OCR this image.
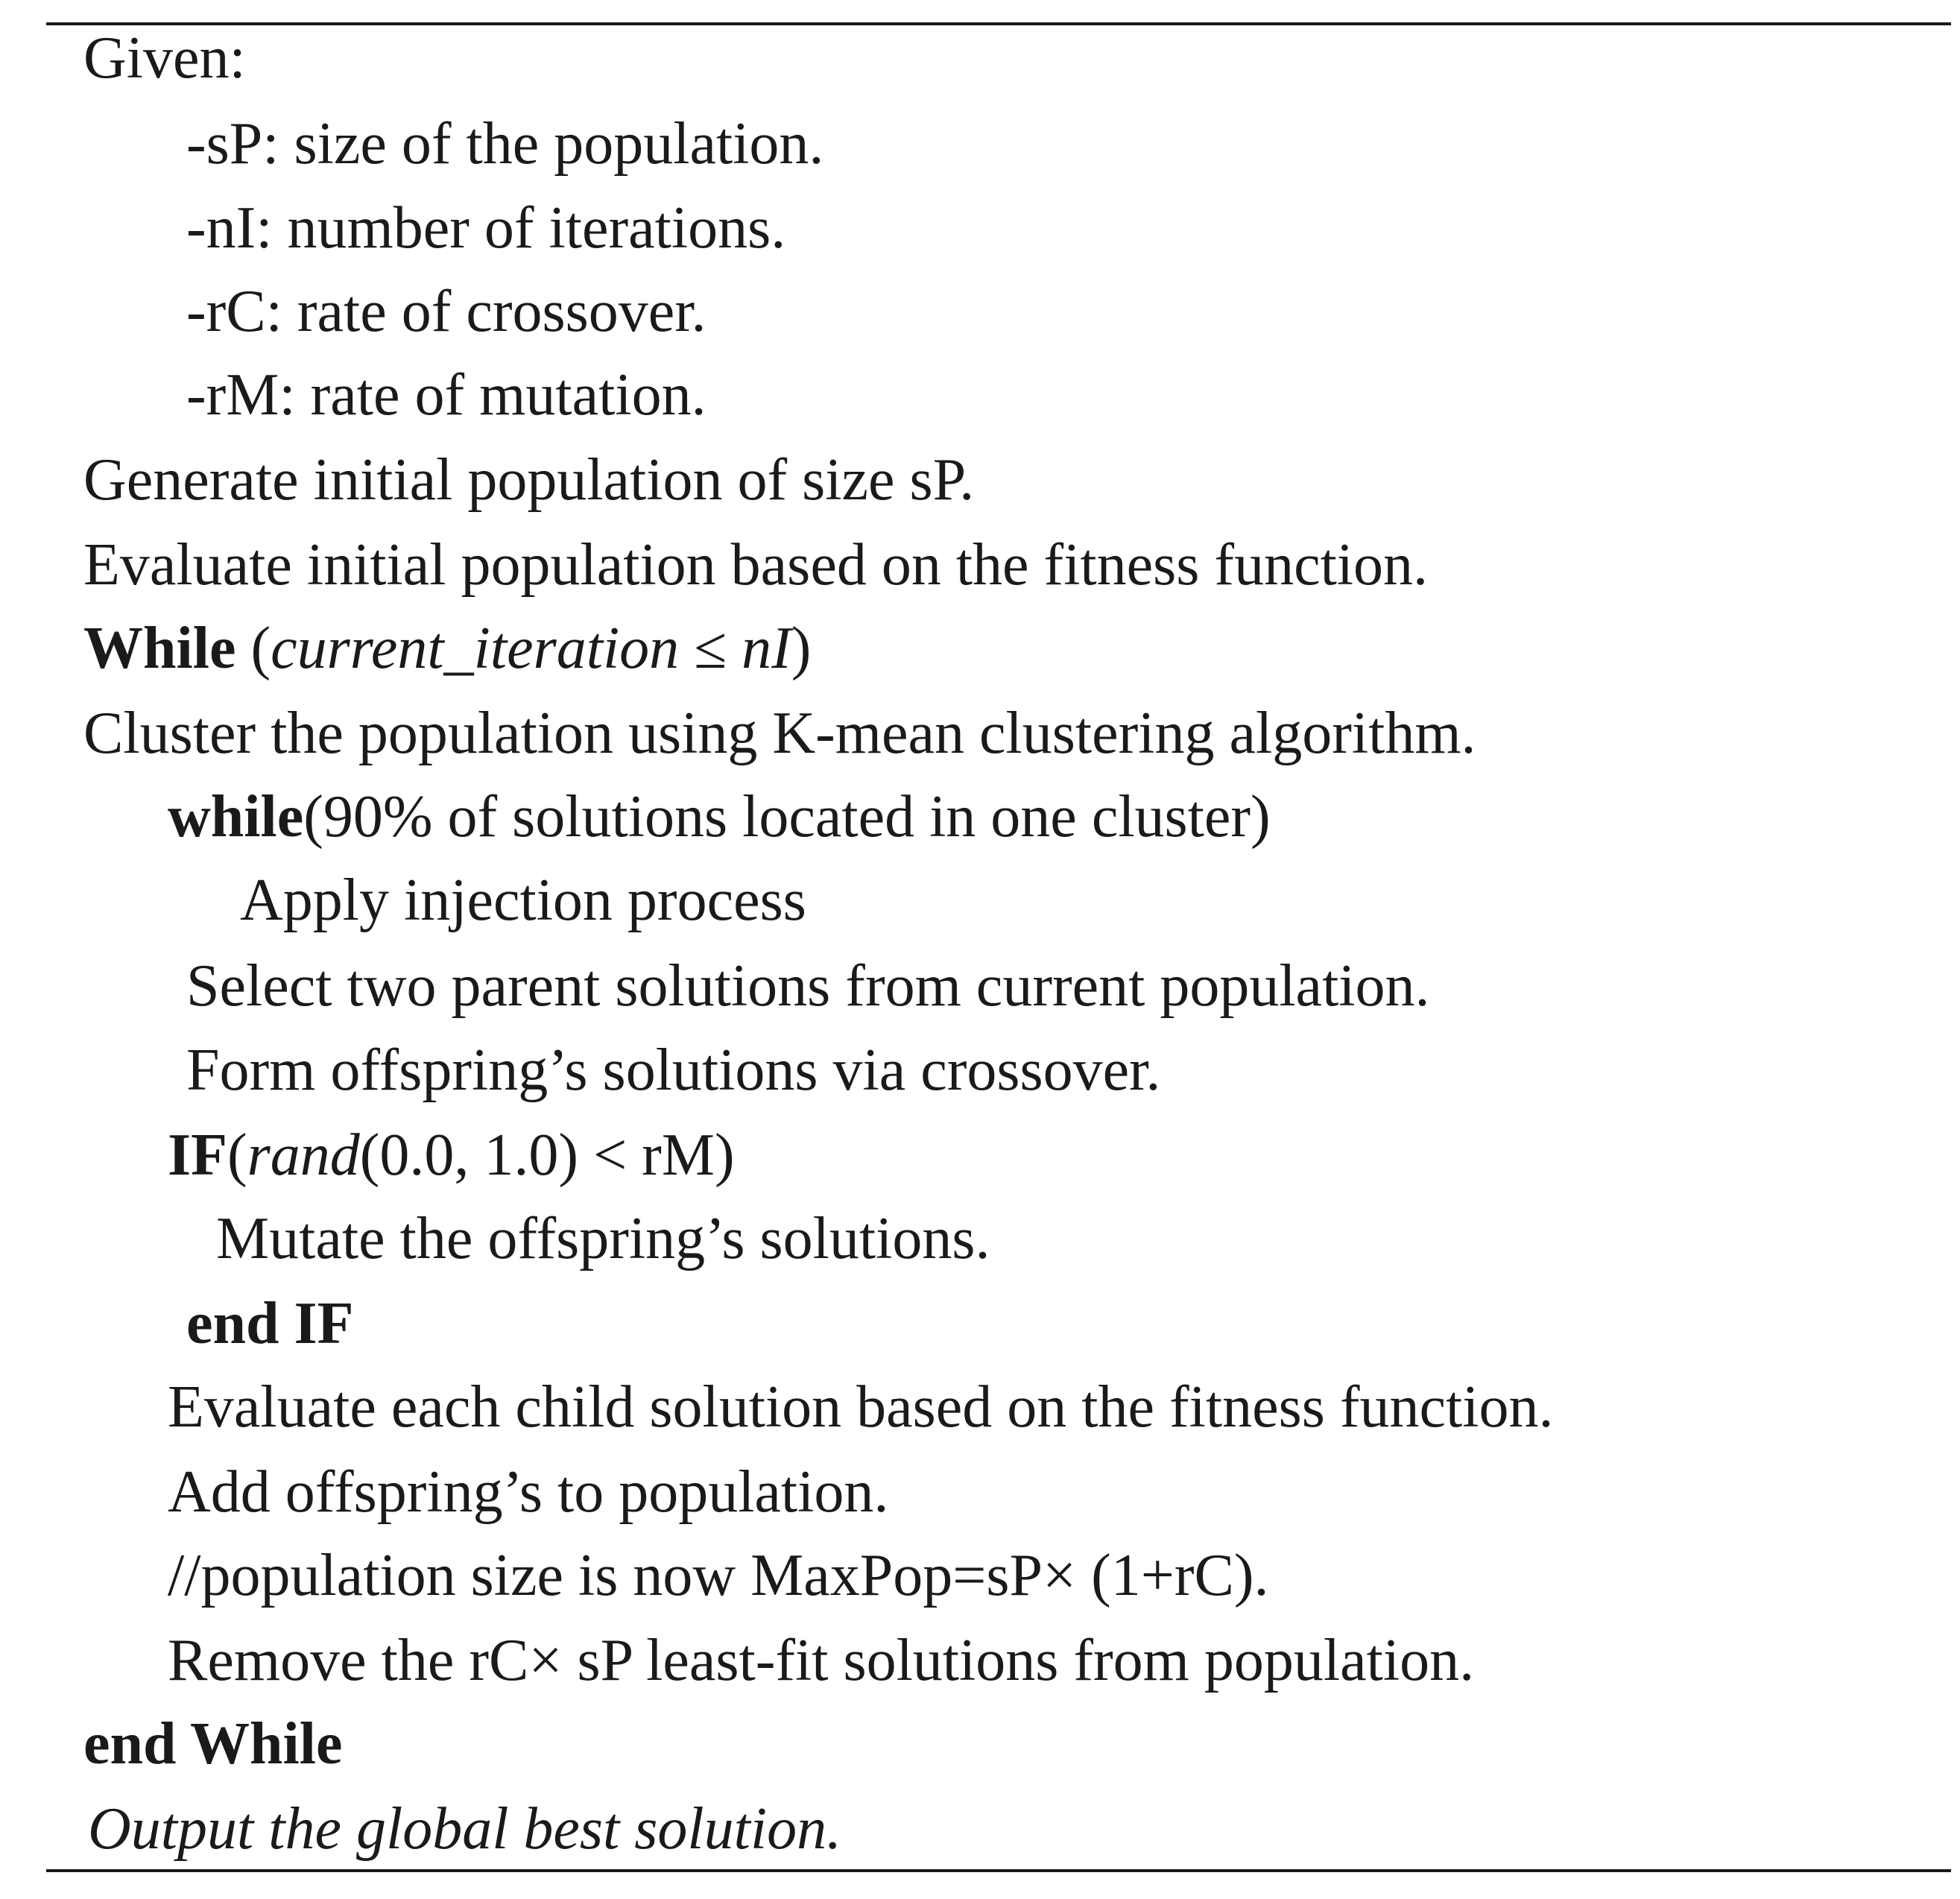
Given:
-sP: size of the population.
-nI: number of iterations.
-rC: rate of crossover.
-rM: rate of mutation.
Generate initial population of size sP.
Evaluate initial population based on the fitness function.
While (current_iteration ≤ nI)
Cluster the population using K-mean clustering algorithm.
while(90% of solutions located in one cluster)
Apply injection process
Select two parent solutions from current population.
Form offspring’s solutions via crossover.
IF(rand(0.0, 1.0) < rM)
Mutate the offspring’s solutions.
end IF
Evaluate each child solution based on the fitness function.
Add offspring’s to population.
//population size is now MaxPop=sP× (1+rC).
Remove the rC× sP least-fit solutions from population.
end While
Output the global best solution.
